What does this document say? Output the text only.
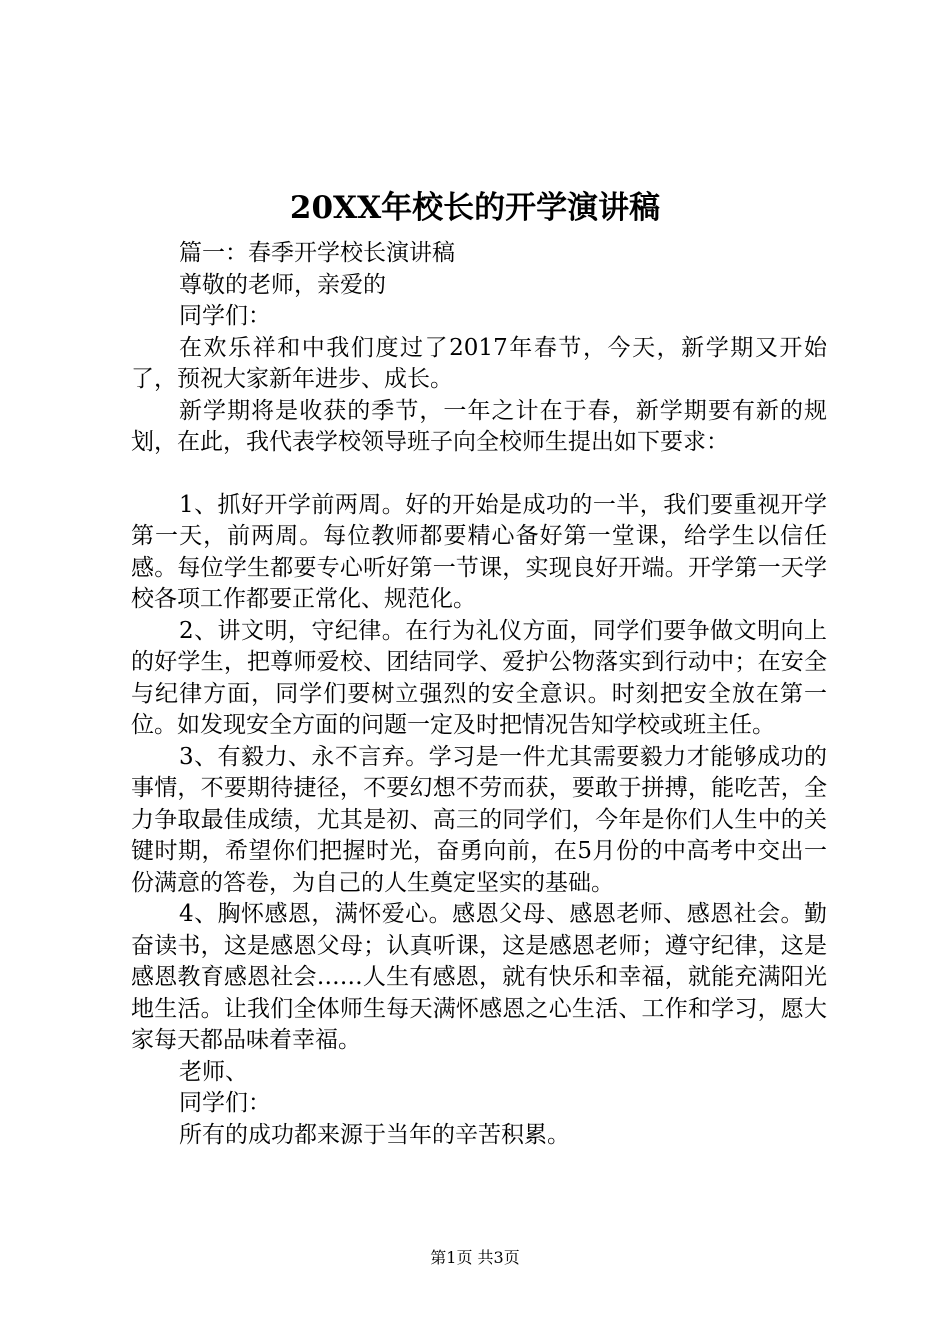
20XX年校长的开学演讲稿

篇一：春季开学校长演讲稿

尊敬的老师，亲爱的

同学们：

在欢乐祥和中我们度过了2017年春节，今天，新学期又开始了，预祝大家新年进步、成长。

新学期将是收获的季节，一年之计在于春，新学期要有新的规划，在此，我代表学校领导班子向全校师生提出如下要求：

1、抓好开学前两周。好的开始是成功的一半，我们要重视开学第一天，前两周。每位教师都要精心备好第一堂课，给学生以信任感。每位学生都要专心听好第一节课，实现良好开端。开学第一天学校各项工作都要正常化、规范化。

2、讲文明，守纪律。在行为礼仪方面，同学们要争做文明向上的好学生，把尊师爱校、团结同学、爱护公物落实到行动中；在安全与纪律方面，同学们要树立强烈的安全意识。时刻把安全放在第一位。如发现安全方面的问题一定及时把情况告知学校或班主任。

3、有毅力、永不言弃。学习是一件尤其需要毅力才能够成功的事情，不要期待捷径，不要幻想不劳而获，要敢于拼搏，能吃苦，全力争取最佳成绩，尤其是初、高三的同学们，今年是你们人生中的关键时期，希望你们把握时光，奋勇向前，在5月份的中高考中交出一份满意的答卷，为自己的人生奠定坚实的基础。

4、胸怀感恩，满怀爱心。感恩父母、感恩老师、感恩社会。勤奋读书，这是感恩父母；认真听课，这是感恩老师；遵守纪律，这是感恩教育感恩社会……人生有感恩，就有快乐和幸福，就能充满阳光地生活。让我们全体师生每天满怀感恩之心生活、工作和学习，愿大家每天都品味着幸福。

老师、

同学们：

所有的成功都来源于当年的辛苦积累。

第1页 共3页
